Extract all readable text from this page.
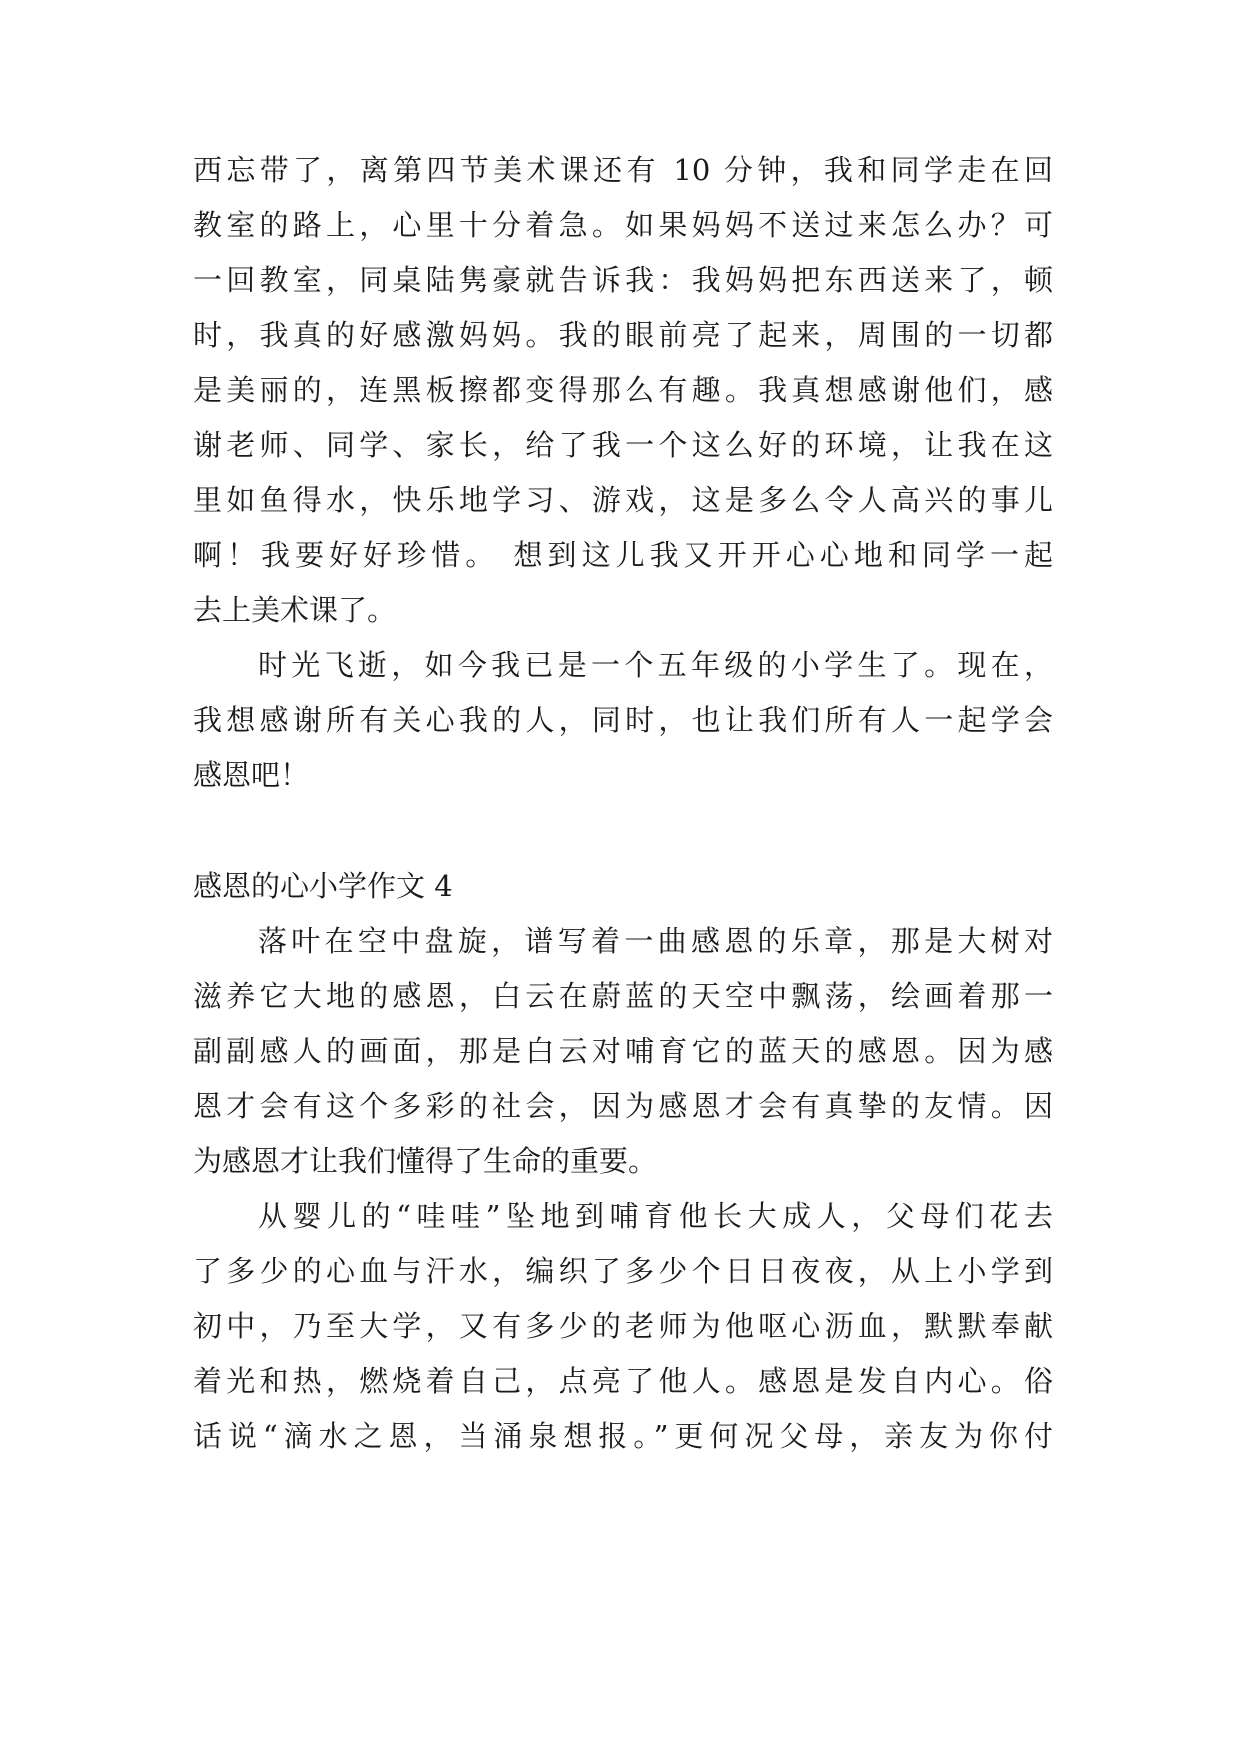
西忘带了，离第四节美术课还有 10 分钟，我和同学走在回
教室的路上，心里十分着急。如果妈妈不送过来怎么办？可
一回教室，同桌陆隽豪就告诉我：我妈妈把东西送来了，顿
时，我真的好感激妈妈。我的眼前亮了起来，周围的一切都
是美丽的，连黑板擦都变得那么有趣。我真想感谢他们，感
谢老师、同学、家长，给了我一个这么好的环境，让我在这
里如鱼得水，快乐地学习、游戏，这是多么令人高兴的事儿
啊！我要好好珍惜。 想到这儿我又开开心心地和同学一起
去上美术课了。
时光飞逝，如今我已是一个五年级的小学生了。现在，
我想感谢所有关心我的人，同时，也让我们所有人一起学会
感恩吧！
感恩的心小学作文 4
落叶在空中盘旋，谱写着一曲感恩的乐章，那是大树对
滋养它大地的感恩，白云在蔚蓝的天空中飘荡，绘画着那一
副副感人的画面，那是白云对哺育它的蓝天的感恩。因为感
恩才会有这个多彩的社会，因为感恩才会有真挚的友情。因
为感恩才让我们懂得了生命的重要。
从婴儿的“哇哇”坠地到哺育他长大成人，父母们花去
了多少的心血与汗水，编织了多少个日日夜夜，从上小学到
初中，乃至大学，又有多少的老师为他呕心沥血，默默奉献
着光和热，燃烧着自己，点亮了他人。感恩是发自内心。俗
话说“滴水之恩，当涌泉想报。”更何况父母，亲友为你付
